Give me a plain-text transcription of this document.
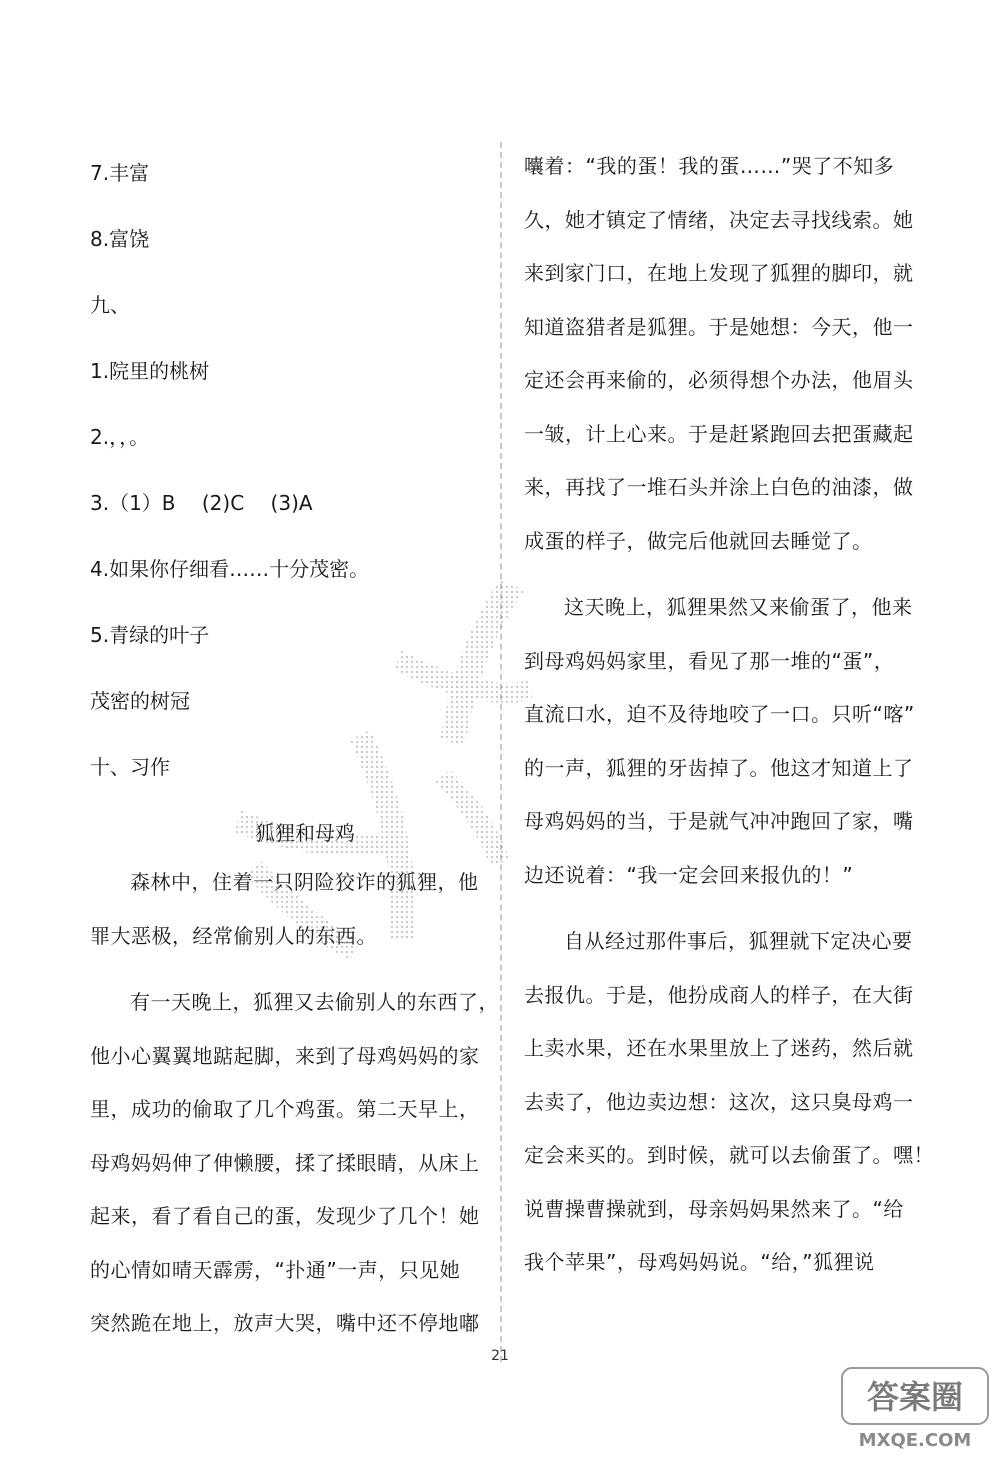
7.丰富
8.富饶
九、
1.院里的桃树
2.，，。
3.（1）B　 (2)C　 (3)A
4.如果你仔细看……十分茂密。
5.青绿的叶子
茂密的树冠
十、习作
狐狸和母鸡
森林中，住着一只阴险狡诈的狐狸，他
罪大恶极，经常偷别人的东西。
有一天晚上，狐狸又去偷别人的东西了，
他小心翼翼地踮起脚，来到了母鸡妈妈的家
里，成功的偷取了几个鸡蛋。第二天早上，
母鸡妈妈伸了伸懒腰，揉了揉眼睛，从床上
起来，看了看自己的蛋，发现少了几个！她
的心情如晴天霹雳，“扑通”一声，只见她
突然跪在地上，放声大哭，嘴中还不停地嘟
囔着：“我的蛋！我的蛋……”哭了不知多
久，她才镇定了情绪，决定去寻找线索。她
来到家门口，在地上发现了狐狸的脚印，就
知道盗猎者是狐狸。于是她想：今天，他一
定还会再来偷的，必须得想个办法，他眉头
一皱，计上心来。于是赶紧跑回去把蛋藏起
来，再找了一堆石头并涂上白色的油漆，做
成蛋的样子，做完后他就回去睡觉了。
这天晚上，狐狸果然又来偷蛋了，他来
到母鸡妈妈家里，看见了那一堆的“蛋”，
直流口水，迫不及待地咬了一口。只听“喀”
的一声，狐狸的牙齿掉了。他这才知道上了
母鸡妈妈的当，于是就气冲冲跑回了家，嘴
边还说着：“我一定会回来报仇的！”
自从经过那件事后，狐狸就下定决心要
去报仇。于是，他扮成商人的样子，在大街
上卖水果，还在水果里放上了迷药，然后就
去卖了，他边卖边想：这次，这只臭母鸡一
定会来买的。到时候，就可以去偷蛋了。嘿！
说曹操曹操就到，母亲妈妈果然来了。“给
我个苹果”，母鸡妈妈说。“给，”狐狸说
21
答案圈
MXQE.COM
